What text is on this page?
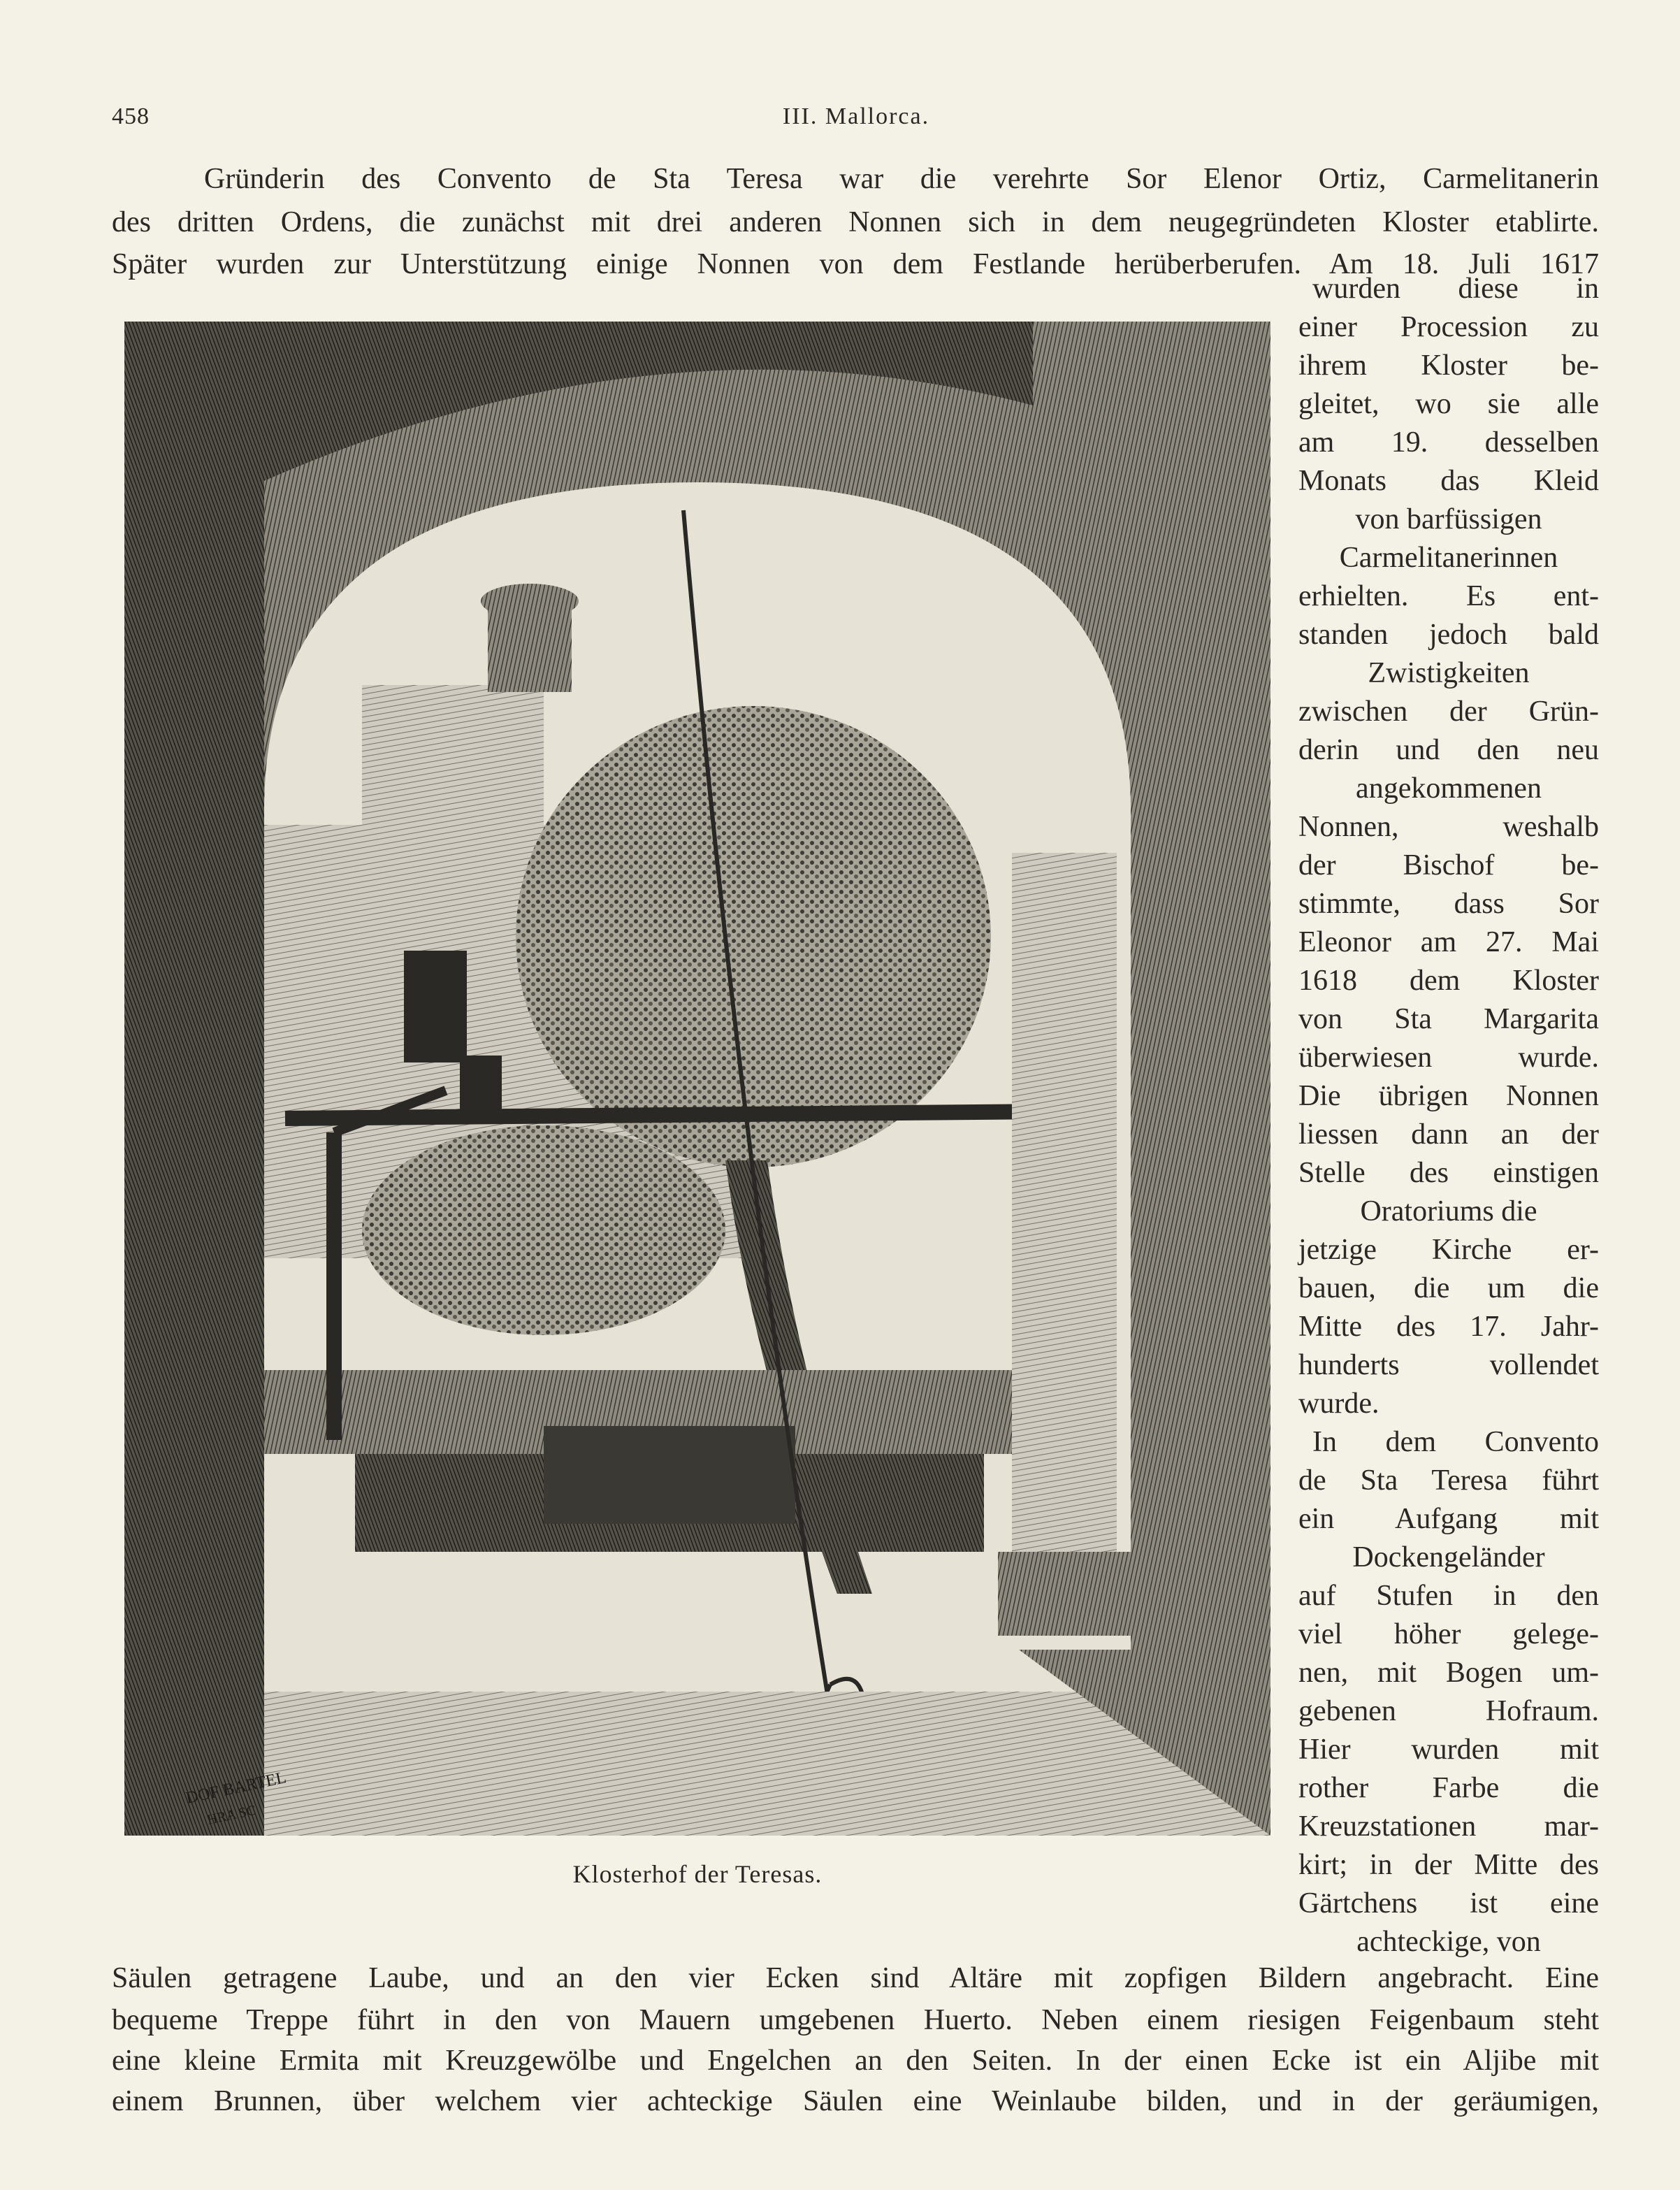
458	III. Mallorca.
Gründerin des Convento de Sta Teresa war die verehrte Sor Elenor Ortiz, Carmelitanerin
des dritten Ordens, die zunächst mit drei anderen Nonnen sich in dem neugegründeten Kloster etablirte.
Später wurden zur Unterstützung einige Nonnen von dem Festlande herüberberufen. Am 18. Juli 1617
DOF BARTEL
HRA SC
Klosterhof der Teresas.
wurden diese in
einer Procession zu
ihrem Kloster be-
gleitet, wo sie alle
am 19. desselben
Monats das Kleid
von barfüssigen
Carmelitanerinnen
erhielten. Es ent-
standen jedoch bald
Zwistigkeiten
zwischen der Grün-
derin und den neu
angekommenen
Nonnen, weshalb
der Bischof be-
stimmte, dass Sor
Eleonor am 27. Mai
1618 dem Kloster
von Sta Margarita
überwiesen wurde.
Die übrigen Nonnen
liessen dann an der
Stelle des einstigen
Oratoriums die
jetzige Kirche er-
bauen, die um die
Mitte des 17. Jahr-
hunderts vollendet
wurde.
In dem Convento
de Sta Teresa führt
ein Aufgang mit
Dockengeländer
auf Stufen in den
viel höher gelege-
nen, mit Bogen um-
gebenen Hofraum.
Hier wurden mit
rother Farbe die
Kreuzstationen mar-
kirt; in der Mitte des
Gärtchens ist eine
achteckige, von
Säulen getragene Laube, und an den vier Ecken sind Altäre mit zopfigen Bildern angebracht. Eine
bequeme Treppe führt in den von Mauern umgebenen Huerto. Neben einem riesigen Feigenbaum steht
eine kleine Ermita mit Kreuzgewölbe und Engelchen an den Seiten. In der einen Ecke ist ein Aljibe mit
einem Brunnen, über welchem vier achteckige Säulen eine Weinlaube bilden, und in der geräumigen,
